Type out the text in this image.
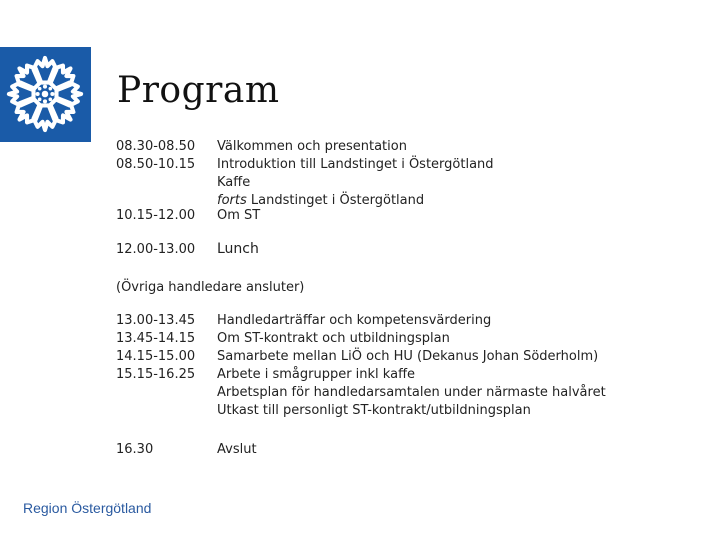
Program
08.30-08.50
08.50-10.15
10.15-12.00
12.00-13.00
Välkommen och presentation
Introduktion till Landstinget i Östergötland
Kaffe
forts Landstinget i Östergötland
Om ST
Lunch
(Övriga handledare ansluter)
13.00-13.45
13.45-14.15
14.15-15.00
15.15-16.25
Handledarträffar och kompetensvärdering
Om ST-kontrakt och utbildningsplan
Samarbete mellan LiÖ och HU (Dekanus Johan Söderholm)
Arbete i smågrupper inkl kaffe
Arbetsplan för handledarsamtalen under närmaste halvåret
Utkast till personligt ST-kontrakt/utbildningsplan
16.30	Avslut
Region Östergötland
